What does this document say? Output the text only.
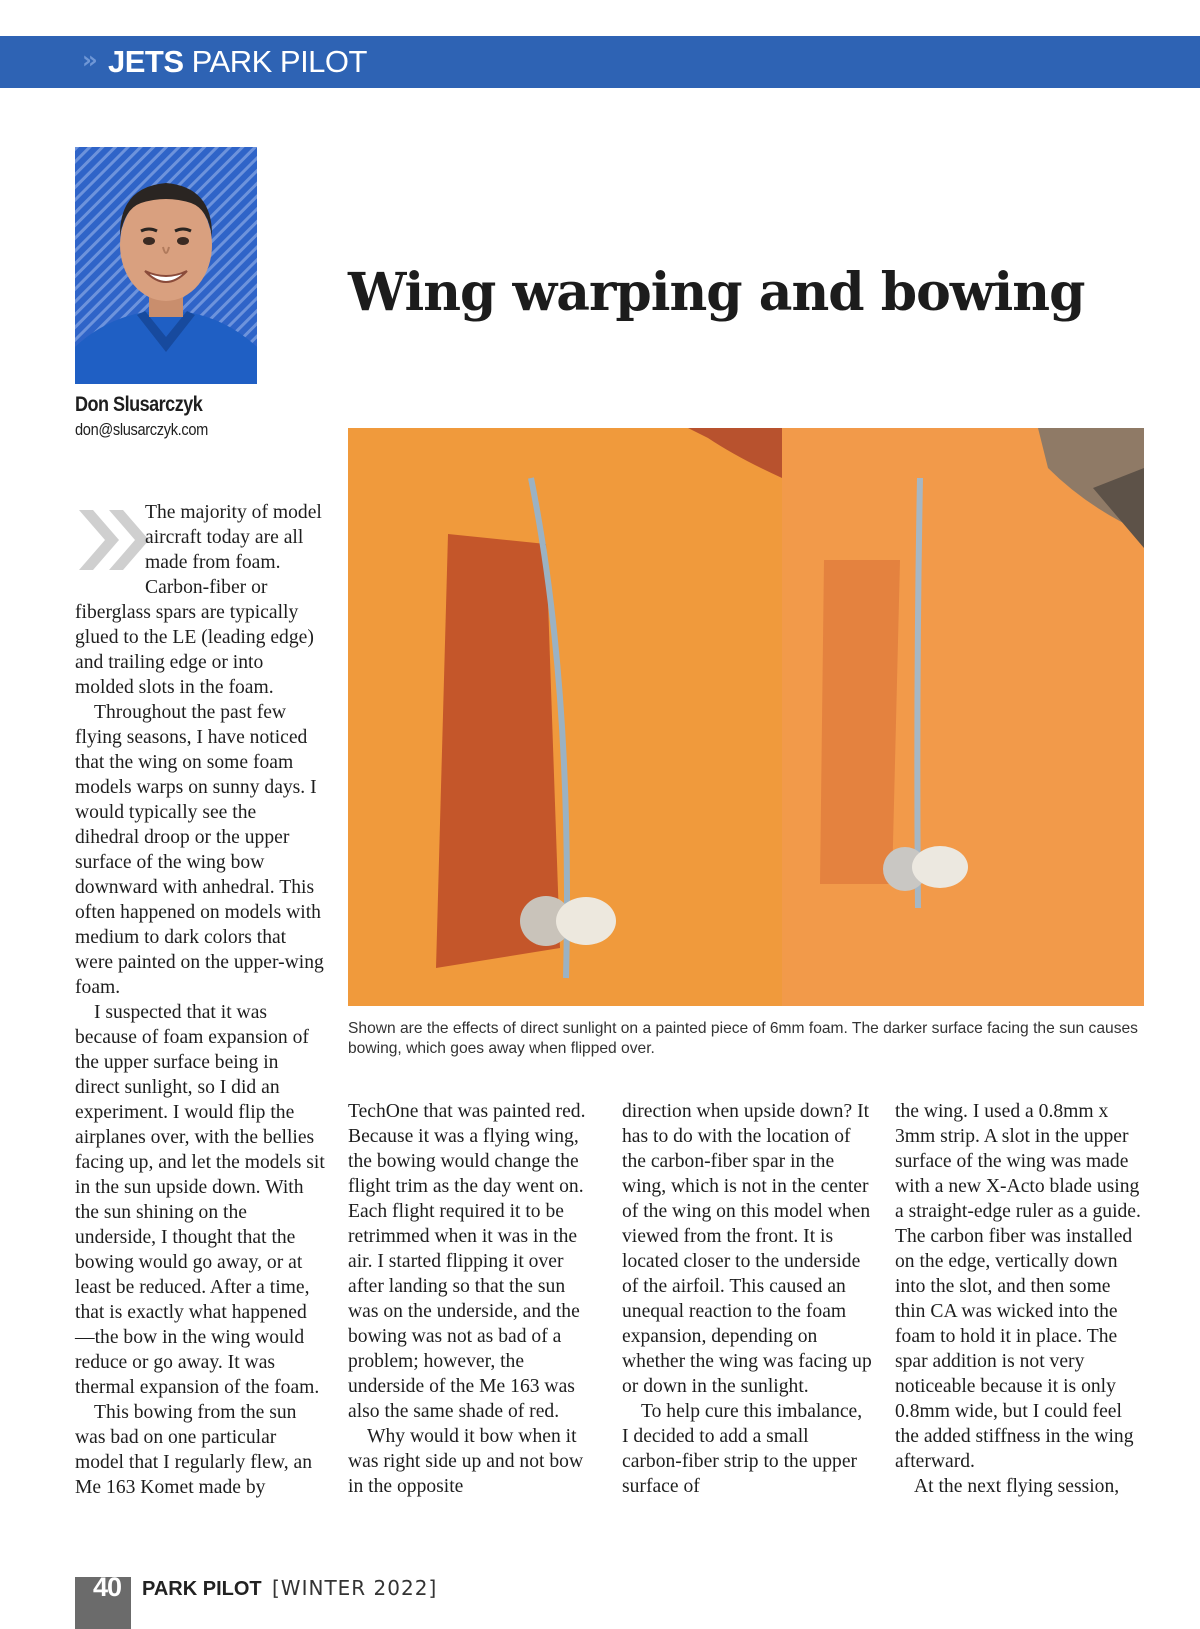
›› JETS PARK PILOT
Don Slusarczyk
don@slusarczyk.com
Wing warping and bowing
Shown are the effects of direct sunlight on a painted piece of 6mm foam. The darker surface facing the sun causes bowing, which goes away when flipped over.

The majority of model aircraft today are all made from foam. Carbon-fiber or fiberglass spars are typically glued to the LE (leading edge) and trailing edge or into molded slots in the foam.

Throughout the past few flying seasons, I have noticed that the wing on some foam models warps on sunny days. I would typically see the dihedral droop or the upper surface of the wing bow downward with anhedral. This often happened on models with medium to dark colors that were painted on the upper-wing foam.

I suspected that it was because of foam expansion of the upper surface being in direct sunlight, so I did an experiment. I would flip the airplanes over, with the bellies facing up, and let the models sit in the sun upside down. With the sun shining on the underside, I thought that the bowing would go away, or at least be reduced. After a time, that is exactly what happened—the bow in the wing would reduce or go away. It was thermal expansion of the foam.

This bowing from the sun was bad on one particular model that I regularly flew, an Me 163 Komet made by

TechOne that was painted red. Because it was a flying wing, the bowing would change the flight trim as the day went on. Each flight required it to be retrimmed when it was in the air. I started flipping it over after landing so that the sun was on the underside, and the bowing was not as bad of a problem; however, the underside of the Me 163 was also the same shade of red.

Why would it bow when it was right side up and not bow in the opposite

direction when upside down? It has to do with the location of the carbon-fiber spar in the wing, which is not in the center of the wing on this model when viewed from the front. It is located closer to the underside of the airfoil. This caused an unequal reaction to the foam expansion, depending on whether the wing was facing up or down in the sunlight.

To help cure this imbalance, I decided to add a small carbon-fiber strip to the upper surface of

the wing. I used a 0.8mm x 3mm strip. A slot in the upper surface of the wing was made with a new X-Acto blade using a straight-edge ruler as a guide. The carbon fiber was installed on the edge, vertically down into the slot, and then some thin CA was wicked into the foam to hold it in place. The spar addition is not very noticeable because it is only 0.8mm wide, but I could feel the added stiffness in the wing afterward.

At the next flying session,

40 PARK PILOT [WINTER 2022]
